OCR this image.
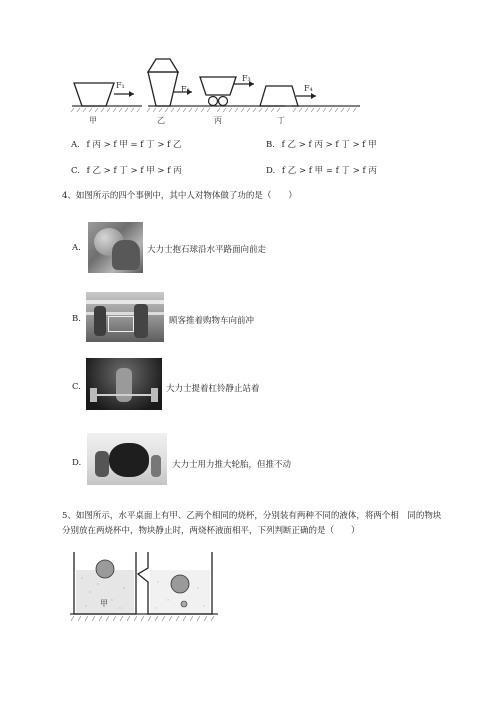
F₁	F₂
F₃
F₄
甲	乙	丙	丁
A. f 丙 > f 甲 = f 丁 > f 乙	B. f 乙 > f 丙 > f 丁 > f 甲
C. f 乙 > f 丁 > f 甲 > f 丙	D. f 乙 > f 甲 = f 丁 > f 丙
4、如图所示的四个事例中，其中人对物体做了功的是（　　）
A.	大力士抱石球沿水平路面向前走
B.	顾客推着购物车向前冲
C.	大力士提着杠铃静止站着
D.	大力士用力推大轮胎，但推不动
5、如图所示，水平桌面上有甲、乙两个相同的烧杯，分别装有两种不同的液体，将两个相　同的物块
分别放在两烧杯中，物块静止时，两烧杯液面相平，下列判断正确的是（　　）
甲
